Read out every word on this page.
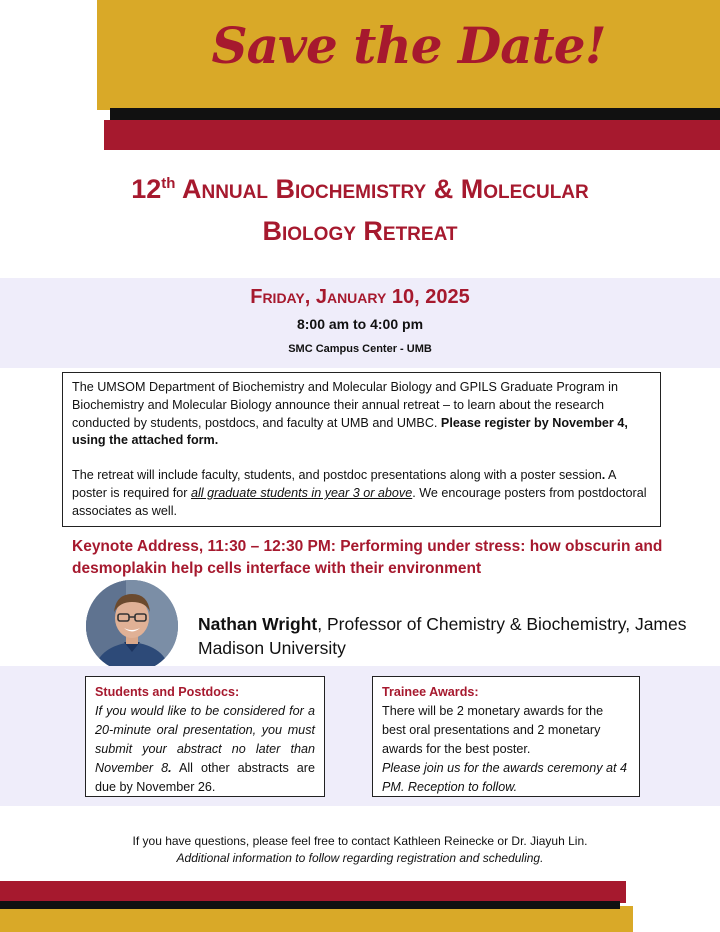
Save the Date!
12th Annual Biochemistry & Molecular
Biology Retreat
Friday, January 10, 2025
8:00 am to 4:00 pm
SMC Campus Center - UMB

The UMSOM Department of Biochemistry and Molecular Biology and GPILS Graduate Program in Biochemistry and Molecular Biology announce their annual retreat – to learn about the research conducted by students, postdocs, and faculty at UMB and UMBC. Please register by November 4, using the attached form.

The retreat will include faculty, students, and postdoc presentations along with a poster session. A poster is required for all graduate students in year 3 or above. We encourage posters from postdoctoral associates as well.

Keynote Address, 11:30 – 12:30 PM: Performing under stress: how obscurin and desmoplakin help cells interface with their environment
Nathan Wright, Professor of Chemistry & Biochemistry, James Madison University
Students and Postdocs:
If you would like to be considered for a 20-minute oral presentation, you must submit your abstract no later than November 8. All other abstracts are due by November 26.
Trainee Awards:
There will be 2 monetary awards for the best oral presentations and 2 monetary awards for the best poster.
Please join us for the awards ceremony at 4 PM. Reception to follow.
If you have questions, please feel free to contact Kathleen Reinecke or Dr. Jiayuh Lin.
Additional information to follow regarding registration and scheduling.
